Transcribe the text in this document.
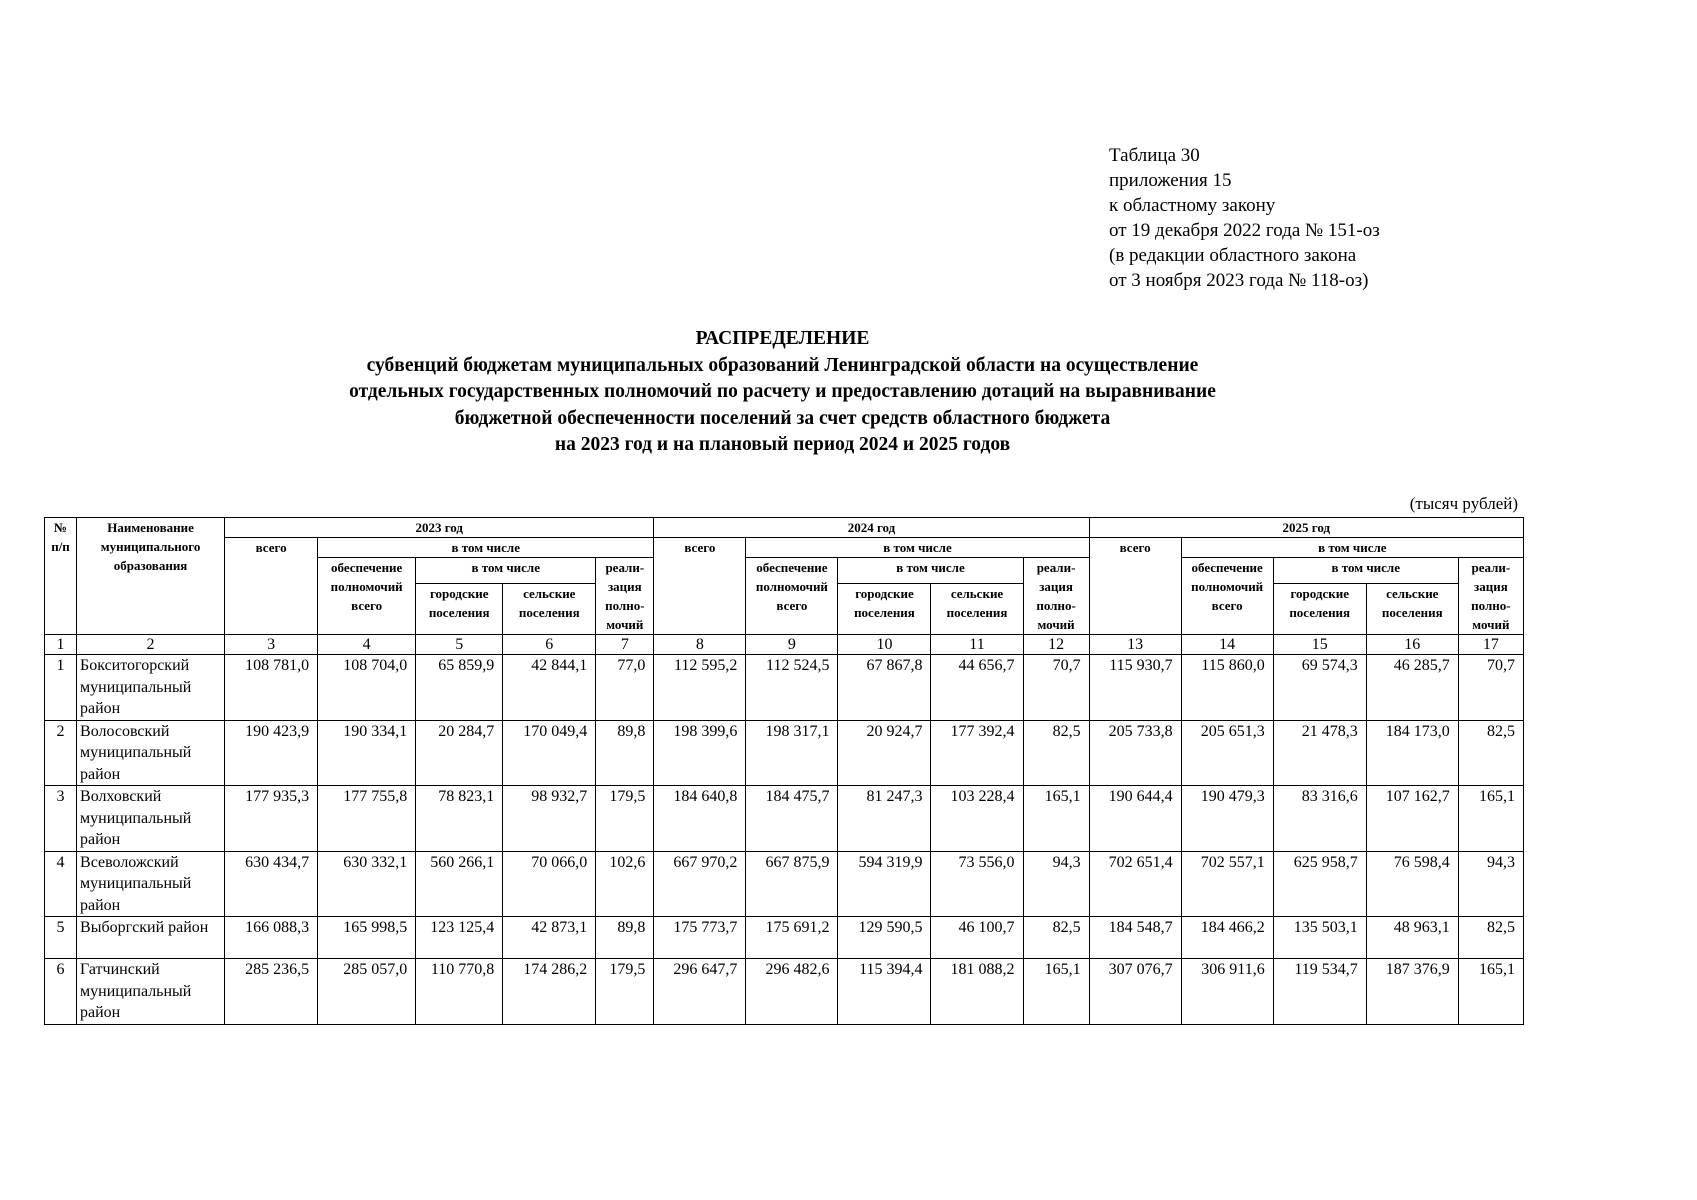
Таблица 30
приложения 15
к областному закону
от 19 декабря 2022 года № 151-оз
(в редакции областного закона
от 3 ноября 2023 года № 118-оз)
РАСПРЕДЕЛЕНИЕ
субвенций бюджетам муниципальных образований Ленинградской области на осуществление
отдельных государственных полномочий по расчету и предоставлению дотаций на выравнивание
бюджетной обеспеченности поселений за счет средств областного бюджета
на 2023 год и на плановый период 2024 и 2025 годов
(тысяч рублей)
№ п/п	Наименование муниципального образования	2023 год					2024 год					2025 год				
		всего	в том числе				всего	в том числе				всего	в том числе			
			обеспечение полномочий всего	в том числе		реали-зация полно-мочий		обеспечение полномочий всего	в том числе		реали-зация полно-мочий		обеспечение полномочий всего	в том числе		реали-зация полно-мочий
				городские поселения	сельские поселения				городские поселения	сельские поселения				городские поселения	сельские поселения	
1	2	3	4	5	6	7	8	9	10	11	12	13	14	15	16	17
1	Бокситогорский муниципальный район	108 781,0	108 704,0	65 859,9	42 844,1	77,0	112 595,2	112 524,5	67 867,8	44 656,7	70,7	115 930,7	115 860,0	69 574,3	46 285,7	70,7
2	Волосовский муниципальный район	190 423,9	190 334,1	20 284,7	170 049,4	89,8	198 399,6	198 317,1	20 924,7	177 392,4	82,5	205 733,8	205 651,3	21 478,3	184 173,0	82,5
3	Волховский муниципальный район	177 935,3	177 755,8	78 823,1	98 932,7	179,5	184 640,8	184 475,7	81 247,3	103 228,4	165,1	190 644,4	190 479,3	83 316,6	107 162,7	165,1
4	Всеволожский муниципальный район	630 434,7	630 332,1	560 266,1	70 066,0	102,6	667 970,2	667 875,9	594 319,9	73 556,0	94,3	702 651,4	702 557,1	625 958,7	76 598,4	94,3
5	Выборгский район	166 088,3	165 998,5	123 125,4	42 873,1	89,8	175 773,7	175 691,2	129 590,5	46 100,7	82,5	184 548,7	184 466,2	135 503,1	48 963,1	82,5
6	Гатчинский муниципальный район	285 236,5	285 057,0	110 770,8	174 286,2	179,5	296 647,7	296 482,6	115 394,4	181 088,2	165,1	307 076,7	306 911,6	119 534,7	187 376,9	165,1
